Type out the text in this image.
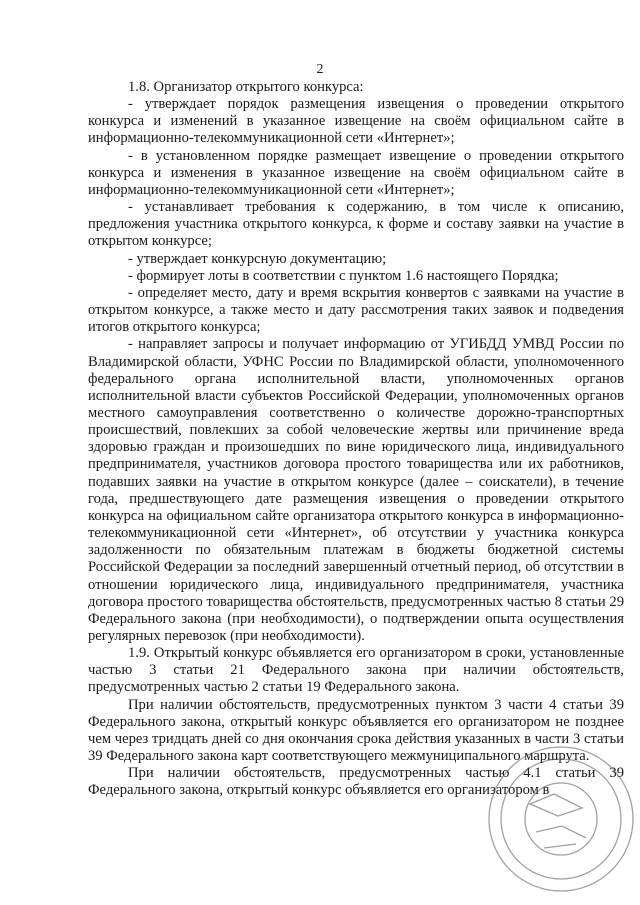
2

1.8. Организатор открытого конкурса:

- утверждает порядок размещения извещения о проведении открытого конкурса и изменений в указанное извещение на своём официальном сайте в информационно-телекоммуникационной сети «Интернет»;

- в установленном порядке размещает извещение о проведении открытого конкурса и изменения в указанное извещение на своём официальном сайте в информационно-телекоммуникационной сети «Интернет»;

- устанавливает требования к содержанию, в том числе к описанию, предложения участника открытого конкурса, к форме и составу заявки на участие в открытом конкурсе;

- утверждает конкурсную документацию;

- формирует лоты в соответствии с пунктом 1.6 настоящего Порядка;

- определяет место, дату и время вскрытия конвертов с заявками на участие в открытом конкурсе, а также место и дату рассмотрения таких заявок и подведения итогов открытого конкурса;

- направляет запросы и получает информацию от УГИБДД УМВД России по Владимирской области, УФНС России по Владимирской области, уполномоченного федерального органа исполнительной власти, уполномоченных органов исполнительной власти субъектов Российской Федерации, уполномоченных органов местного самоуправления соответственно о количестве дорожно-транспортных происшествий, повлекших за собой человеческие жертвы или причинение вреда здоровью граждан и произошедших по вине юридического лица, индивидуального предпринимателя, участников договора простого товарищества или их работников, подавших заявки на участие в открытом конкурсе (далее – соискатели), в течение года, предшествующего дате размещения извещения о проведении открытого конкурса на официальном сайте организатора открытого конкурса в информационно-телекоммуникационной сети «Интернет», об отсутствии у участника конкурса задолженности по обязательным платежам в бюджеты бюджетной системы Российской Федерации за последний завершенный отчетный период, об отсутствии в отношении юридического лица, индивидуального предпринимателя, участника договора простого товарищества обстоятельств, предусмотренных частью 8 статьи 29 Федерального закона (при необходимости), о подтверждении опыта осуществления регулярных перевозок (при необходимости).

1.9. Открытый конкурс объявляется его организатором в сроки, установленные частью 3 статьи 21 Федерального закона при наличии обстоятельств, предусмотренных частью 2 статьи 19 Федерального закона.

При наличии обстоятельств, предусмотренных пунктом 3 части 4 статьи 39 Федерального закона, открытый конкурс объявляется его организатором не позднее чем через тридцать дней со дня окончания срока действия указанных в части 3 статьи 39 Федерального закона карт соответствующего межмуниципального маршрута.

При наличии обстоятельств, предусмотренных частью 4.1 статьи 39 Федерального закона, открытый конкурс объявляется его организатором в
